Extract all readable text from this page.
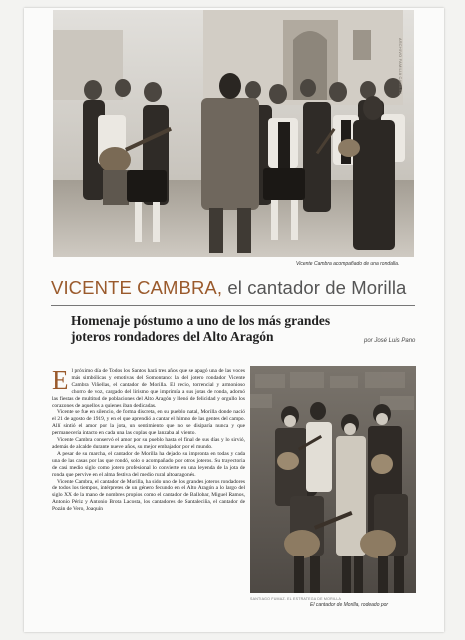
ARCHIVO FAMILIA CAMBRA
Vicente Cambra acompañado de una rondalla.
VICENTE CAMBRA, el cantador de Morilla
Homenaje póstumo a uno de los más grandes joteros rondadores del Alto Aragón	por José Luis Pano

El próximo día de Todos los Santos hará tres años que se apagó una de las voces más simbólicas y emotivas del Somontano: la del jotero rondador Vicente Cambra Viñellas, el cantador de Morilla. El recio, torrencial y armonioso chorro de voz, cargado del lirismo que imprimía a sus jotas de ronda, adornó las fiestas de multitud de poblaciones del Alto Aragón y llenó de felicidad y orgullo los corazones de aquellos a quienes iban dedicadas.

Vicente se fue en silencio, de forma discreta, en su pueblo natal, Morilla donde nació el 21 de agosto de 1919, y en el que aprendió a cantar el himno de las gentes del campo. Allí sintió el amor por la jota, un sentimiento que no se disiparía nunca y que permanecería intacto en cada una las coplas que lanzaba al viento.

Vicente Cambra conservó el amor por su pueblo hasta el final de sus días y lo sirvió, además de alcalde durante nueve años, su mejor embajador por el mundo.

A pesar de su marcha, el cantador de Morilla ha dejado su impronta en todas y cada una de las casas por las que rondó, solo o acompañado por otros joteros. Su trayectoria de casi medio siglo como jotero profesional lo convierte en una leyenda de la jota de ronda que pervive en el alma festiva del medio rural altoaragonés.

Vicente Cambra, el cantador de Morilla, ha sido uno de los grandes joteros rondadores de todos los tiempos, intérpretes de un género fecundo en el Alto Aragón a lo largo del siglo XX de la mano de nombres propios como el cantador de Ballobar, Miguel Ramos, Antonio Périz y Antonio Brota Lacosta, los cantadores de Santaleciña, el cantador de Pozán de Vero, Joaquín

SANTIAGO FUMAZ. EL ESTRATEGA DE MORILLA
El cantador de Morilla, rodeado por
